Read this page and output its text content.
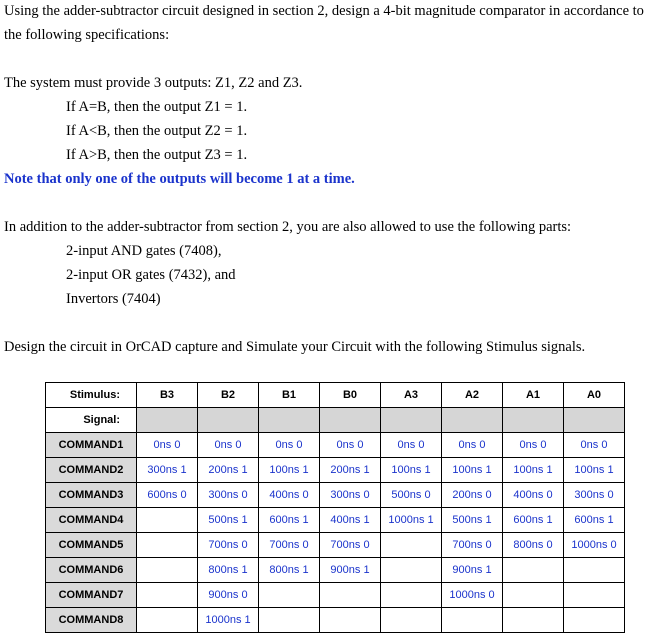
Using the adder-subtractor circuit designed in section 2, design a 4-bit magnitude comparator in accordance to
the following specifications:
The system must provide 3 outputs: Z1, Z2 and Z3.
If A=B, then the output Z1 = 1.
If A<B, then the output Z2 = 1.
If A>B, then the output Z3 = 1.
Note that only one of the outputs will become 1 at a time.
In addition to the adder-subtractor from section 2, you are also allowed to use the following parts:
2-input AND gates (7408),
2-input OR gates (7432), and
Invertors (7404)
Design the circuit in OrCAD capture and Simulate your Circuit with the following Stimulus signals.
Stimulus:	B3	B2	B1	B0	A3	A2	A1	A0
Signal:								
COMMAND1	0ns 0	0ns 0	0ns 0	0ns 0	0ns 0	0ns 0	0ns 0	0ns 0
COMMAND2	300ns 1	200ns 1	100ns 1	200ns 1	100ns 1	100ns 1	100ns 1	100ns 1
COMMAND3	600ns 0	300ns 0	400ns 0	300ns 0	500ns 0	200ns 0	400ns 0	300ns 0
COMMAND4		500ns 1	600ns 1	400ns 1	1000ns 1	500ns 1	600ns 1	600ns 1
COMMAND5		700ns 0	700ns 0	700ns 0		700ns 0	800ns 0	1000ns 0
COMMAND6		800ns 1	800ns 1	900ns 1		900ns 1		
COMMAND7		900ns 0				1000ns 0		
COMMAND8		1000ns 1						
